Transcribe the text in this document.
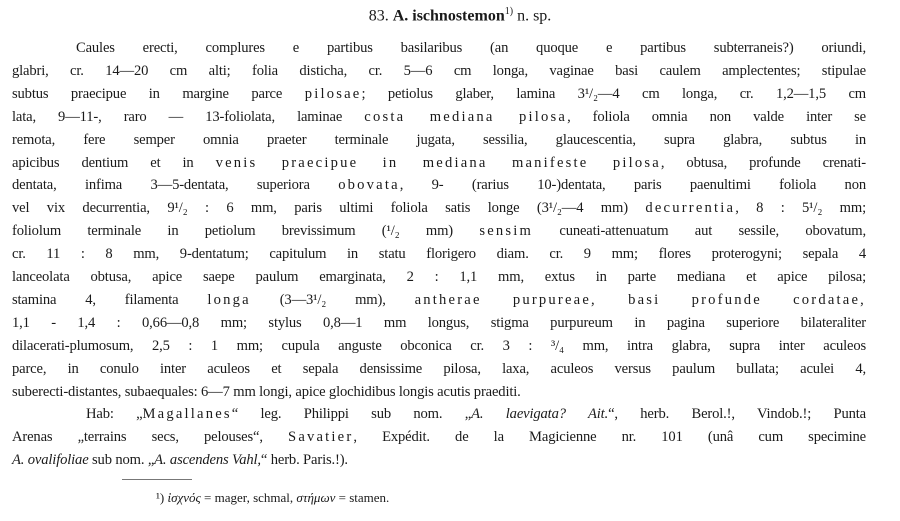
83. A. ischnostemon$^{1)}$ n. sp.
Caules erecti, complures e partibus basilaribus (an quoque e partibus subterraneis?) oriundi,
glabri, cr. 14—20 cm alti; folia disticha, cr. 5—6 cm longa, vaginae basi caulem amplectentes; stipulae
subtus praecipue in margine parce pilosae; petiolus glaber, lamina 3¹/₂—4 cm longa, cr. 1,2—1,5 cm
lata, 9—11-, raro — 13-foliolata, laminae costa mediana pilosa, foliola omnia non valde inter se
remota, fere semper omnia praeter terminale jugata, sessilia, glaucescentia, supra glabra, subtus in
apicibus dentium et in venis praecipue in mediana manifeste pilosa, obtusa, profunde crenati-
dentata, infima 3—5-dentata, superiora obovata, 9- (rarius 10-)dentata, paris paenultimi foliola non
vel vix decurrentia, 9¹/₂ : 6 mm, paris ultimi foliola satis longe (3¹/₂—4 mm) decurrentia, 8 : 5¹/₂ mm;
foliolum terminale in petiolum brevissimum (¹/₂ mm) sensim cuneati-attenuatum aut sessile, obovatum,
cr. 11 : 8 mm, 9-dentatum; capitulum in statu florigero diam. cr. 9 mm; flores proterogyni; sepala 4
lanceolata obtusa, apice saepe paulum emarginata, 2 : 1,1 mm, extus in parte mediana et apice pilosa;
stamina 4, filamenta longa (3—3¹/₂ mm), antherae purpureae, basi profunde cordatae,
1,1 - 1,4 : 0,66—0,8 mm; stylus 0,8—1 mm longus, stigma purpureum in pagina superiore bilateraliter
dilacerati-plumosum, 2,5 : 1 mm; cupula anguste obconica cr. 3 : ³/₄ mm, intra glabra, supra inter aculeos
parce, in conulo inter aculeos et sepala densissime pilosa, laxa, aculeos versus paulum bullata; aculei 4,
suberecti-distantes, subaequales: 6—7 mm longi, apice glochidibus longis acutis praediti.
Hab: „Magallanes“ leg. Philippi sub nom. „A. laevigata? Ait.“, herb. Berol.!, Vindob.!; Punta
Arenas „terrains secs, pelouses“, Savatier, Expédit. de la Magicienne nr. 101 (unâ cum specimine
A. ovalifoliae sub nom. „A. ascendens Vahl,“ herb. Paris.!).
¹) ἰσχνός = mager, schmal, στήμων = stamen.
